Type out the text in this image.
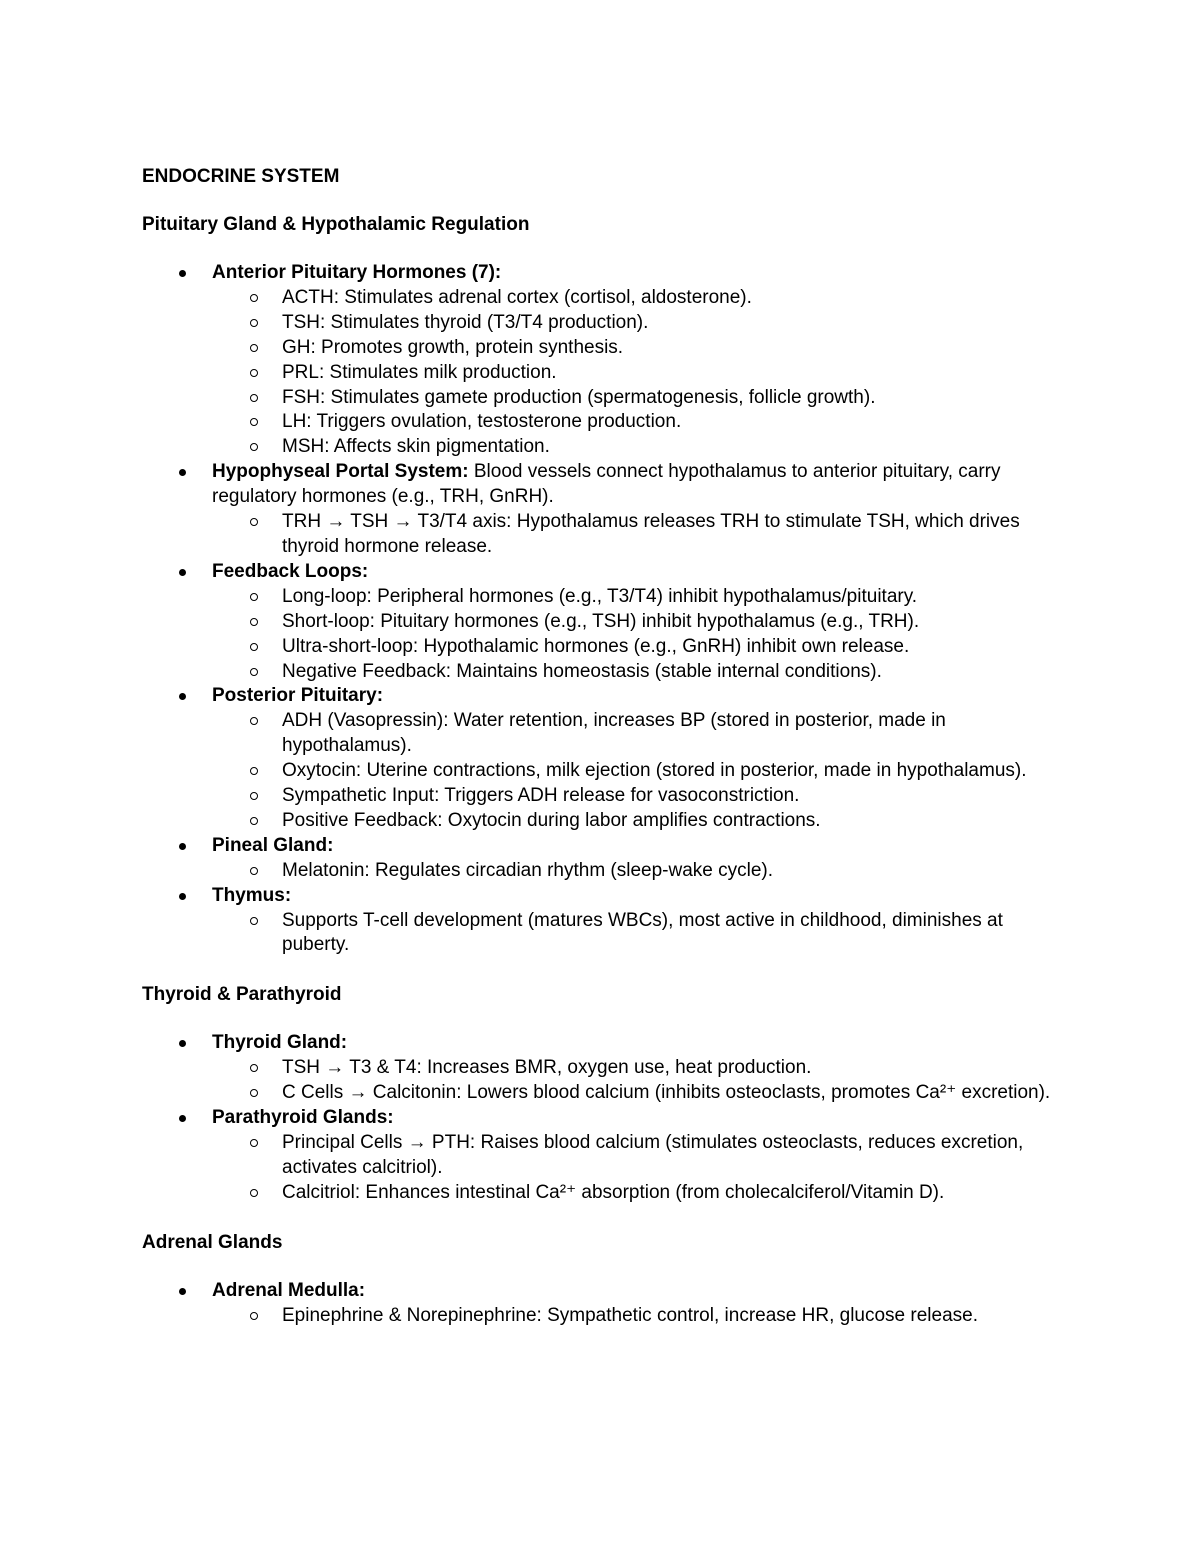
ENDOCRINE SYSTEM
Pituitary Gland & Hypothalamic Regulation
Anterior Pituitary Hormones (7):
ACTH: Stimulates adrenal cortex (cortisol, aldosterone).
TSH: Stimulates thyroid (T3/T4 production).
GH: Promotes growth, protein synthesis.
PRL: Stimulates milk production.
FSH: Stimulates gamete production (spermatogenesis, follicle growth).
LH: Triggers ovulation, testosterone production.
MSH: Affects skin pigmentation.
Hypophyseal Portal System: Blood vessels connect hypothalamus to anterior pituitary, carry regulatory hormones (e.g., TRH, GnRH).
TRH → TSH → T3/T4 axis: Hypothalamus releases TRH to stimulate TSH, which drives thyroid hormone release.
Feedback Loops:
Long-loop: Peripheral hormones (e.g., T3/T4) inhibit hypothalamus/pituitary.
Short-loop: Pituitary hormones (e.g., TSH) inhibit hypothalamus (e.g., TRH).
Ultra-short-loop: Hypothalamic hormones (e.g., GnRH) inhibit own release.
Negative Feedback: Maintains homeostasis (stable internal conditions).
Posterior Pituitary:
ADH (Vasopressin): Water retention, increases BP (stored in posterior, made in hypothalamus).
Oxytocin: Uterine contractions, milk ejection (stored in posterior, made in hypothalamus).
Sympathetic Input: Triggers ADH release for vasoconstriction.
Positive Feedback: Oxytocin during labor amplifies contractions.
Pineal Gland:
Melatonin: Regulates circadian rhythm (sleep-wake cycle).
Thymus:
Supports T-cell development (matures WBCs), most active in childhood, diminishes at puberty.
Thyroid & Parathyroid
Thyroid Gland:
TSH → T3 & T4: Increases BMR, oxygen use, heat production.
C Cells → Calcitonin: Lowers blood calcium (inhibits osteoclasts, promotes Ca²⁺ excretion).
Parathyroid Glands:
Principal Cells → PTH: Raises blood calcium (stimulates osteoclasts, reduces excretion, activates calcitriol).
Calcitriol: Enhances intestinal Ca²⁺ absorption (from cholecalciferol/Vitamin D).
Adrenal Glands
Adrenal Medulla:
Epinephrine & Norepinephrine: Sympathetic control, increase HR, glucose release.
